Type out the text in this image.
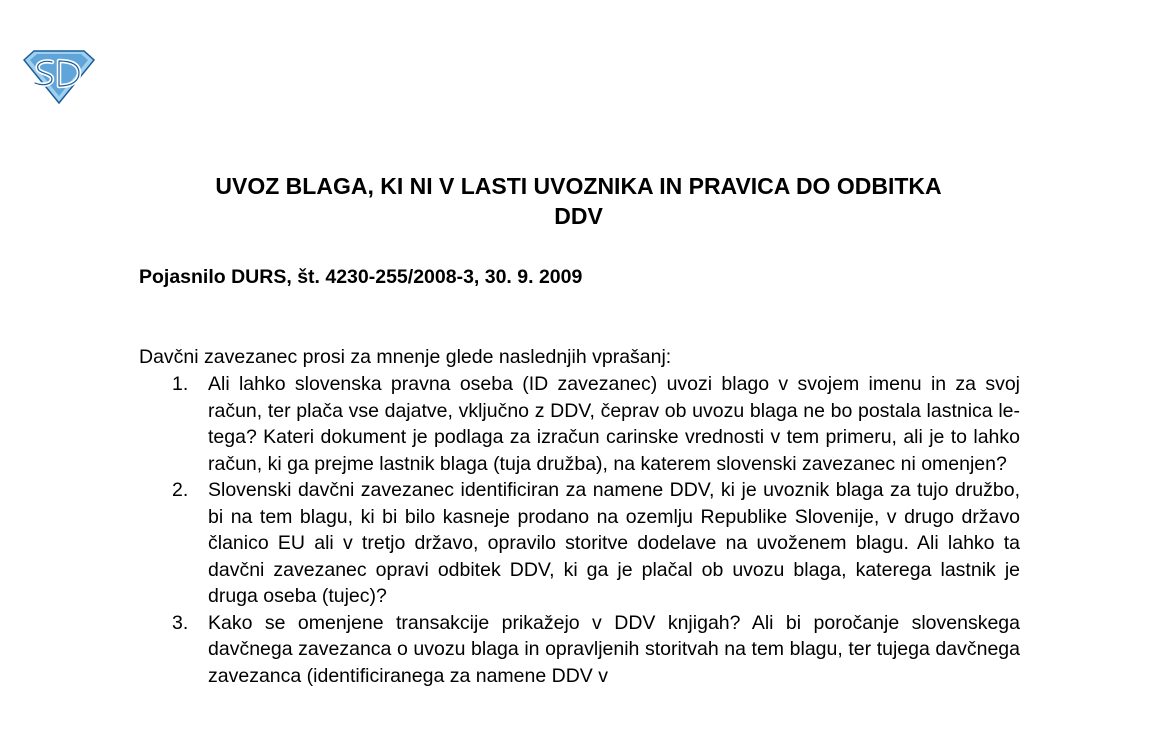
UVOZ BLAGA, KI NI V LASTI UVOZNIKA IN PRAVICA DO ODBITKA
DDV

Pojasnilo DURS, št. 4230-255/2008-3, 30. 9. 2009

Davčni zavezanec prosi za mnenje glede naslednjih vprašanj:

1. Ali lahko slovenska pravna oseba (ID zavezanec) uvozi blago v svojem imenu in za svoj račun, ter plača vse dajatve, vključno z DDV, čeprav ob uvozu blaga ne bo postala lastnica le-tega? Kateri dokument je podlaga za izračun carinske vrednosti v tem primeru, ali je to lahko račun, ki ga prejme lastnik blaga (tuja družba), na katerem slovenski zavezanec ni omenjen?
2. Slovenski davčni zavezanec identificiran za namene DDV, ki je uvoznik blaga za tujo družbo, bi na tem blagu, ki bi bilo kasneje prodano na ozemlju Republike Slovenije, v drugo državo članico EU ali v tretjo državo, opravilo storitve dodelave na uvoženem blagu. Ali lahko ta davčni zavezanec opravi odbitek DDV, ki ga je plačal ob uvozu blaga, katerega lastnik je druga oseba (tujec)?
3. Kako se omenjene transakcije prikažejo v DDV knjigah? Ali bi poročanje slovenskega davčnega zavezanca o uvozu blaga in opravljenih storitvah na tem blagu, ter tujega davčnega zavezanca (identificiranega za namene DDV v
